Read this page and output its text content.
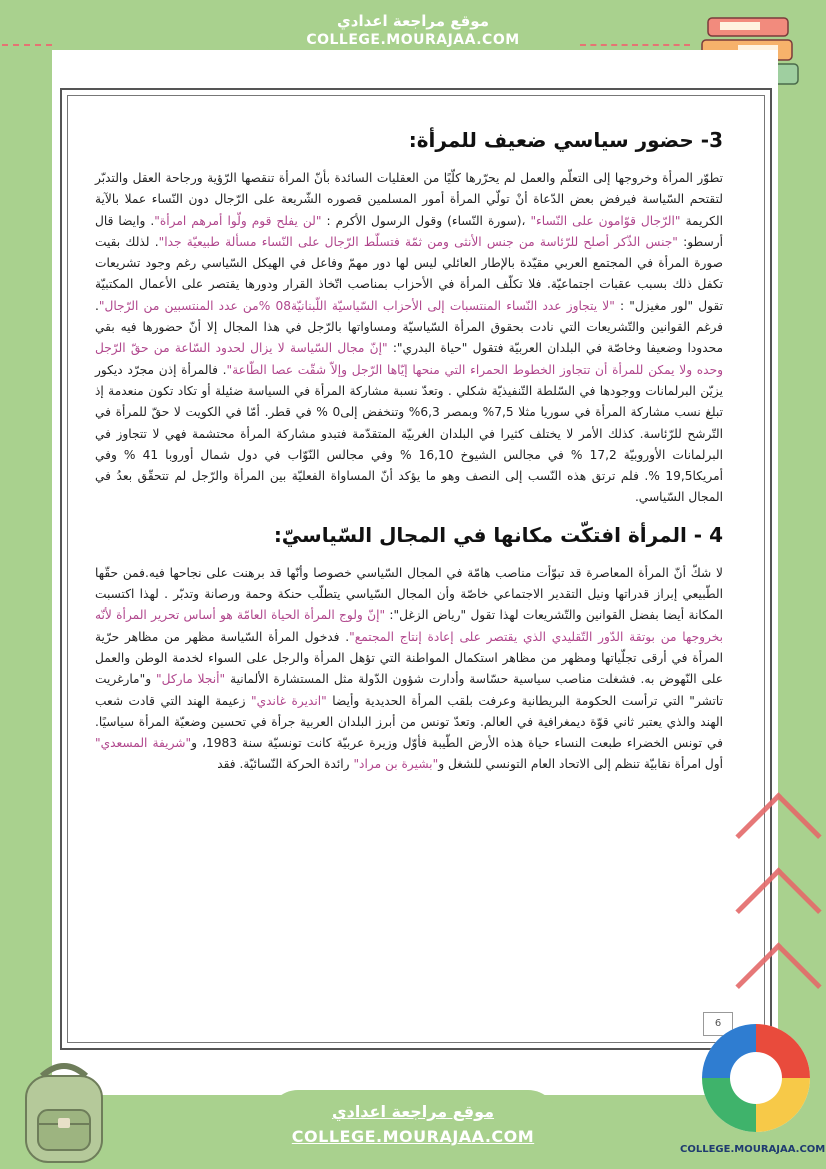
موقع مراجعة اعدادي
COLLEGE.MOURAJAA.COM
3- حضور سياسي ضعيف للمرأة:

تطوّر المرأة وخروجها إلى التعلّم والعمل لم يحرّرها كلّيًا من العقليات السائدة بأنّ المرأة تنقصها الرّؤية ورجاحة العقل والتدبّر لتقتحم السّياسة فيرفض بعض الدّعاة أنْ تولّي المرأة أمور المسلمين قصوره الشّريعة على الرّجال دون النّساء عملا بالآية الكريمة "الرّجال قوّامون على النّساء" ،(سورة النّساء) وقول الرسول الأكرم : "لن يفلح قوم ولّوا أمرهم امرأة". وايضا قال أرسطو: "جنس الذّكر أصلح للرّئاسة من جنس الأنثى ومن ثمّة فتسلّط الرّجال على النّساء مسألة طبيعيّة جدا". لذلك بقيت صورة المرأة في المجتمع العربي مقيّدة بالإطار العائلي ليس لها دور مهمّ وفاعل في الهيكل السّياسي رغم وجود تشريعات تكفل ذلك بسبب عقبات اجتماعيّة. فلا تكلّف المرأة في الأحزاب بمناصب اتّخاذ القرار ودورها يقتصر على الأعمال المكتبيّة تقول "لور مغيزل" : "لا يتجاوز عدد النّساء المنتسبات إلى الأحزاب السّياسيّة اللّبنانيّة08 %من عدد المنتسبين من الرّجال". فرغم القوانين والتّشريعات التي نادت بحقوق المرأة السّياسيّة ومساواتها بالرّجل في هذا المجال إلا أنّ حضورها فيه بقي محدودا وضعيفا وخاصّة في البلدان العربيّة فتقول "حياة البدري": "إنّ مجال السّياسة لا يزال لحدود السّاعة من حقّ الرّجل وحده ولا يمكن للمرأة أن تتجاوز الخطوط الحمراء التي منحها إيّاها الرّجل وإلاّ شقّت عصا الطّاعة". فالمرأة إذن مجرّد ديكور يزيّن البرلمانات ووجودها في السّلطة التّنفيذيّة شكلي . وتعدّ نسبة مشاركة المرأة في السياسة ضئيلة أو تكاد تكون منعدمة إذ تبلغ نسب مشاركة المرأة في سوريا مثلا 7,5% وبمصر 6,3% وتنخفض إلى0 % في قطر. أمّا في الكويت لا حقّ للمرأة في التّرشح للرّئاسة. كذلك الأمر لا يختلف كثيرا في البلدان الغربيّة المتقدّمة فتبدو مشاركة المرأة محتشمة فهي لا تتجاوز في البرلمانات الأوروبيّة 17,2 % في مجالس الشيوخ 16,10 % وفي مجالس النّوّاب في دول شمال أوروبا 41 % وفي أمريكا19,5 %. فلم ترتق هذه النّسب إلى النصف وهو ما يؤكد أنّ المساواة الفعليّة بين المرأة والرّجل لم تتحقّق بعدُ في المجال السّياسي.

4 - المرأة افتكّت مكانها في المجال السّياسيّ:

لا شكّ أنّ المرأة المعاصرة قد تبوّأت مناصب هامّة في المجال السّياسي خصوصا وأنّها قد برهنت على نجاحها فيه.فمن حقّها الطّبيعي إبراز قدراتها ونيل التقدير الاجتماعي خاصّة وأن المجال السّياسي يتطلّب حنكة وحمة ورصانة وتدبّر . لهذا اكتسبت المكانة أيضا بفضل القوانين والتّشريعات لهذا تقول "رياض الزغل": "إنّ ولوج المرأة الحياة العامّة هو أساس تحرير المرأة لأنّه بخروجها من بوتقة الدّور التّقليدي الذي يقتصر على إعادة إنتاج المجتمع". فدخول المرأة السّياسة مظهر من مظاهر حرّية المرأة في أرقى تجلّياتها ومظهر من مظاهر استكمال المواطنة التي تؤهل المرأة والرجل على السواء لخدمة الوطن والعمل على النّهوض به. فشغلت مناصب سياسية حسّاسة وأدارت شؤون الدّولة مثل المستشارة الألمانية "أنجلا ماركل" و"مارغريت تاتشر" التي ترأست الحكومة البريطانية وعرفت بلقب المرأة الحديدية وأيضا "انديرة غاندي" زعيمة الهند التي قادت شعب الهند والذي يعتبر ثاني قوّة ديمغرافية في العالم. وتعدّ تونس من أبرز البلدان العربية جرأة في تحسين وضعيّة المرأة سياسيًا. في تونس الخضراء طبعت النساء حياة هذه الأرض الطّيبة فأوّل وزيرة عربيّة كانت تونسيّة سنة 1983، و"شريفة المسعدي" أول امرأة نقابيّة تنظم إلى الاتحاد العام التونسي للشغل و"بشيرة بن مراد" رائدة الحركة النّسائيّة. فقد

6
موقع مراجعة اعدادي
COLLEGE.MOURAJAA.COM
COLLEGE.MOURAJAA.COM
